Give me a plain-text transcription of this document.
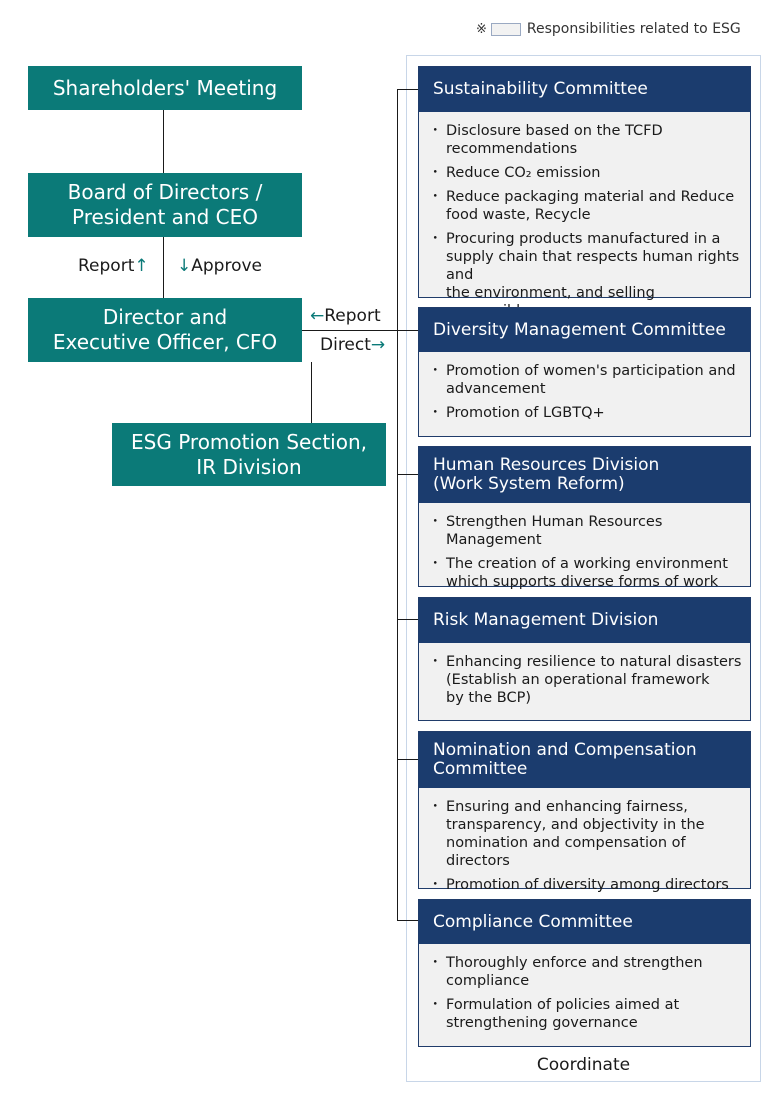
※	Responsibilities related to ESG
Shareholders' Meeting
Board of Directors /
President and CEO
Report↑ ↓Approve
Director and
Executive Officer, CFO
←Report
Direct→
ESG Promotion Section,
IR Division
Sustainability Committee
・ Disclosure based on the TCFD
recommendations
・ Reduce CO₂ emission
・ Reduce packaging material and Reduce
food waste, Recycle
・ Procuring products manufactured in a
supply chain that respects human rights and
the environment, and selling
Diversity Management Committee
・ Promotion of women's participation and
advancement
・ Promotion of LGBTQ+
Human Resources Division
(Work System Reform)
・ Strengthen Human Resources Management
・ The creation of a working environment
which supports diverse forms of work
Risk Management Division
・ Enhancing resilience to natural disasters
(Establish an operational framework
by the BCP)
Nomination and Compensation
Committee
・ Ensuring and enhancing fairness,
transparency, and objectivity in the
nomination and compensation of directors
・ Promotion of diversity among directors
Compliance Committee
・ Thoroughly enforce and strengthen
compliance
・ Formulation of policies aimed at
strengthening governance
Coordinate
